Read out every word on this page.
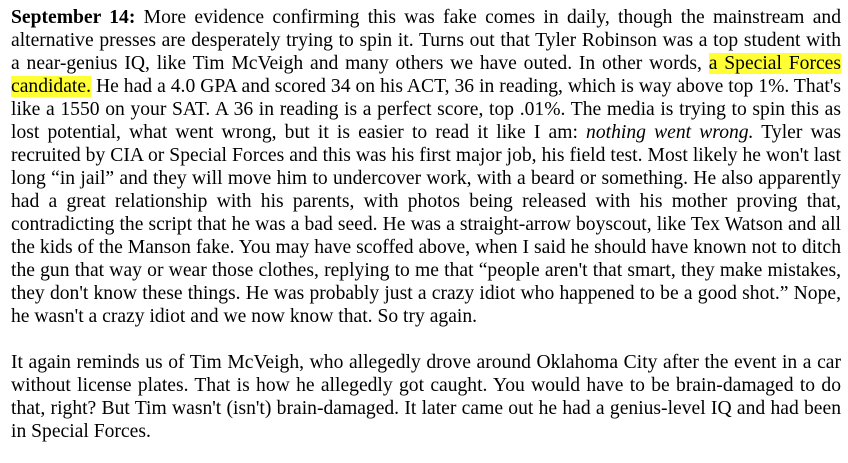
September 14: More evidence confirming this was fake comes in daily, though the mainstream and alternative presses are desperately trying to spin it. Turns out that Tyler Robinson was a top student with a near-genius IQ, like Tim McVeigh and many others we have outed. In other words, a Special Forces candidate. He had a 4.0 GPA and scored 34 on his ACT, 36 in reading, which is way above top 1%. That's like a 1550 on your SAT. A 36 in reading is a perfect score, top .01%. The media is trying to spin this as lost potential, what went wrong, but it is easier to read it like I am: nothing went wrong. Tyler was recruited by CIA or Special Forces and this was his first major job, his field test. Most likely he won't last long “in jail” and they will move him to undercover work, with a beard or something. He also apparently had a great relationship with his parents, with photos being released with his mother proving that, contradicting the script that he was a bad seed. He was a straight-arrow boyscout, like Tex Watson and all the kids of the Manson fake. You may have scoffed above, when I said he should have known not to ditch the gun that way or wear those clothes, replying to me that “people aren't that smart, they make mistakes, they don't know these things. He was probably just a crazy idiot who happened to be a good shot.” Nope, he wasn't a crazy idiot and we now know that. So try again.

It again reminds us of Tim McVeigh, who allegedly drove around Oklahoma City after the event in a car without license plates. That is how he allegedly got caught. You would have to be brain-damaged to do that, right? But Tim wasn't (isn't) brain-damaged. It later came out he had a genius-level IQ and had been in Special Forces.
